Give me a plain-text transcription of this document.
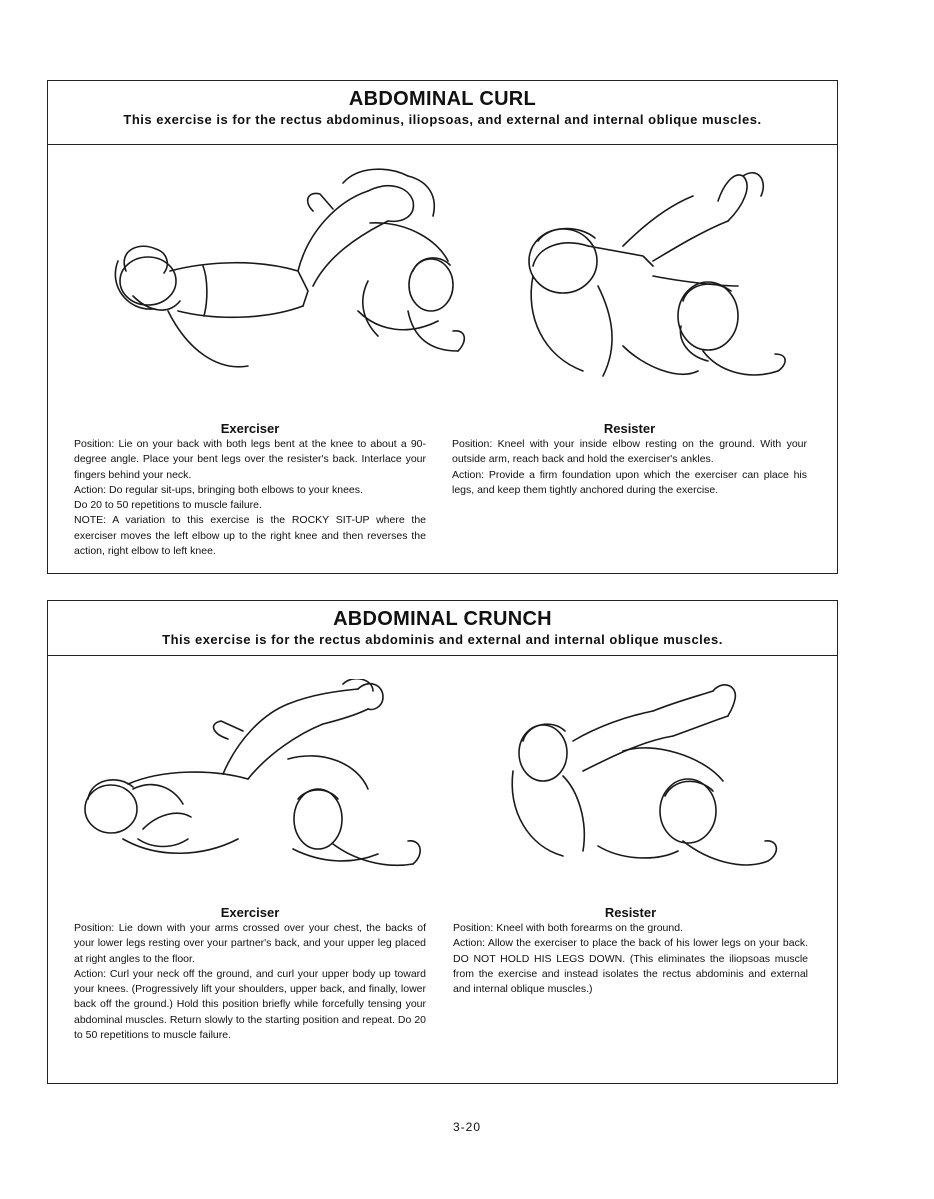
ABDOMINAL CURL
This exercise is for the rectus abdominus, iliopsoas, and external and internal oblique muscles.
Exerciser

Position: Lie on your back with both legs bent at the knee to about a 90-degree angle. Place your bent legs over the resister's back. Interlace your fingers behind your neck.

Action: Do regular sit-ups, bringing both elbows to your knees.

Do 20 to 50 repetitions to muscle failure.

NOTE: A variation to this exercise is the ROCKY SIT-UP where the exerciser moves the left elbow up to the right knee and then reverses the action, right elbow to left knee.

Resister

Position: Kneel with your inside elbow resting on the ground. With your outside arm, reach back and hold the exerciser's ankles.

Action: Provide a firm foundation upon which the exerciser can place his legs, and keep them tightly anchored during the exercise.

ABDOMINAL CRUNCH
This exercise is for the rectus abdominis and external and internal oblique muscles.
Exerciser

Position: Lie down with your arms crossed over your chest, the backs of your lower legs resting over your partner's back, and your upper leg placed at right angles to the floor.

Action: Curl your neck off the ground, and curl your upper body up toward your knees. (Progressively lift your shoulders, upper back, and finally, lower back off the ground.) Hold this position briefly while forcefully tensing your abdominal muscles. Return slowly to the starting position and repeat. Do 20 to 50 repetitions to muscle failure.

Resister

Position: Kneel with both forearms on the ground.

Action: Allow the exerciser to place the back of his lower legs on your back. DO NOT HOLD HIS LEGS DOWN. (This eliminates the iliopsoas muscle from the exercise and instead isolates the rectus abdominis and external and internal oblique muscles.)

3-20
